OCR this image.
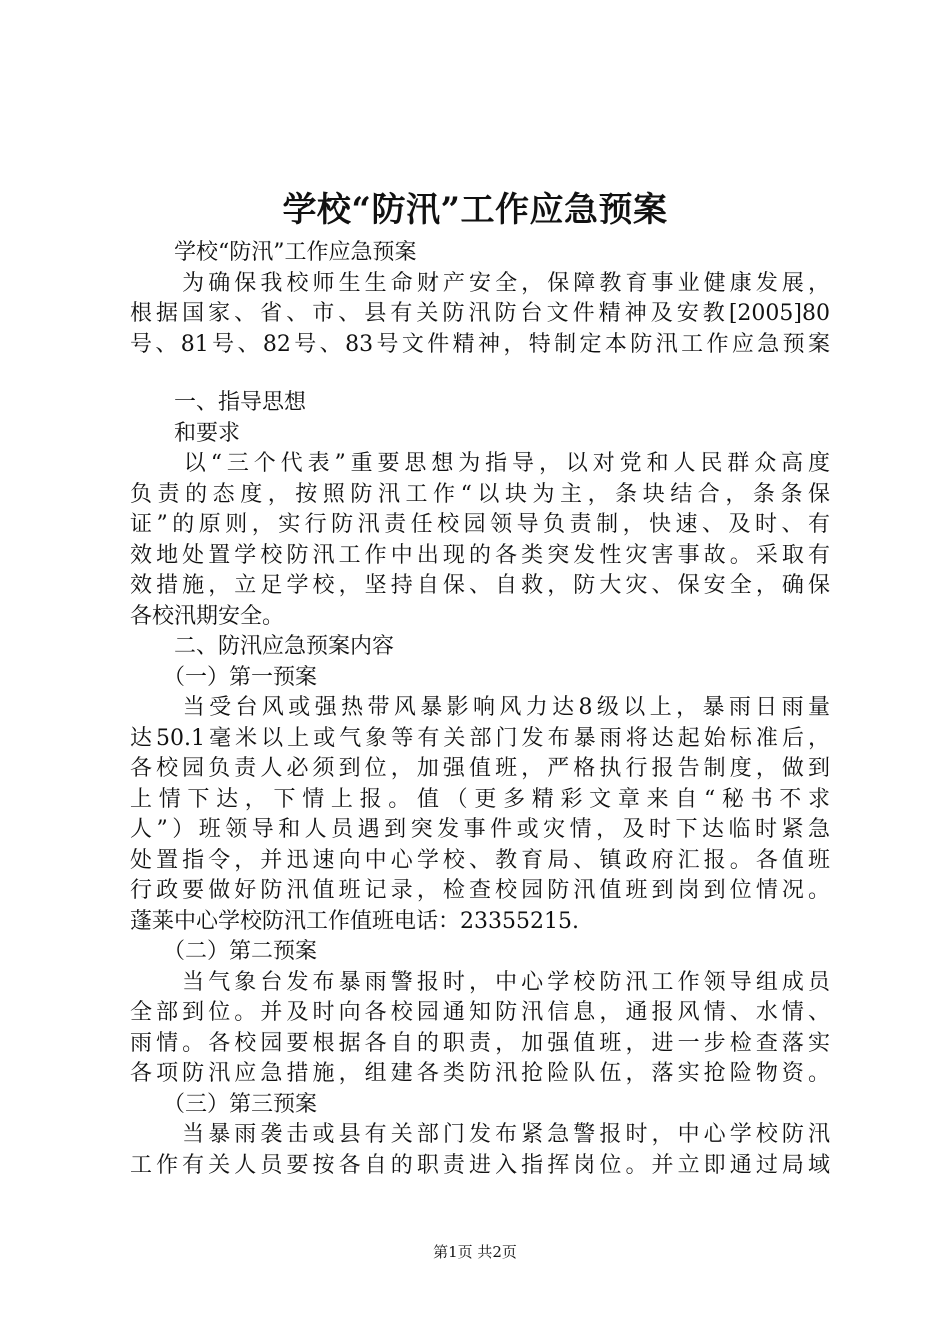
学校“防汛”工作应急预案
　　学校“防汛”工作应急预案
　　为确保我校师生生命财产安全，保障教育事业健康发展，
根据国家、省、市、县有关防汛防台文件精神及安教[2005]80
号、81号、82号、83号文件精神，特制定本防汛工作应急预案
　　一、指导思想
　　和要求
　　以“三个代表”重要思想为指导，以对党和人民群众高度
负责的态度，按照防汛工作“以块为主，条块结合，条条保
证”的原则，实行防汛责任校园领导负责制，快速、及时、有
效地处置学校防汛工作中出现的各类突发性灾害事故。采取有
效措施，立足学校，坚持自保、自救，防大灾、保安全，确保
各校汛期安全。
　　二、防汛应急预案内容
　　（一）第一预案
　　当受台风或强热带风暴影响风力达8级以上，暴雨日雨量
达50.1毫米以上或气象等有关部门发布暴雨将达起始标准后，
各校园负责人必须到位，加强值班，严格执行报告制度，做到
上情下达，下情上报。值（更多精彩文章来自“秘书不求
人”）班领导和人员遇到突发事件或灾情，及时下达临时紧急
处置指令，并迅速向中心学校、教育局、镇政府汇报。各值班
行政要做好防汛值班记录，检查校园防汛值班到岗到位情况。
蓬莱中心学校防汛工作值班电话：23355215.
　　（二）第二预案
　　当气象台发布暴雨警报时，中心学校防汛工作领导组成员
全部到位。并及时向各校园通知防汛信息，通报风情、水情、
雨情。各校园要根据各自的职责，加强值班，进一步检查落实
各项防汛应急措施，组建各类防汛抢险队伍，落实抢险物资。
　　（三）第三预案
　　当暴雨袭击或县有关部门发布紧急警报时，中心学校防汛
工作有关人员要按各自的职责进入指挥岗位。并立即通过局域
第1页 共2页
